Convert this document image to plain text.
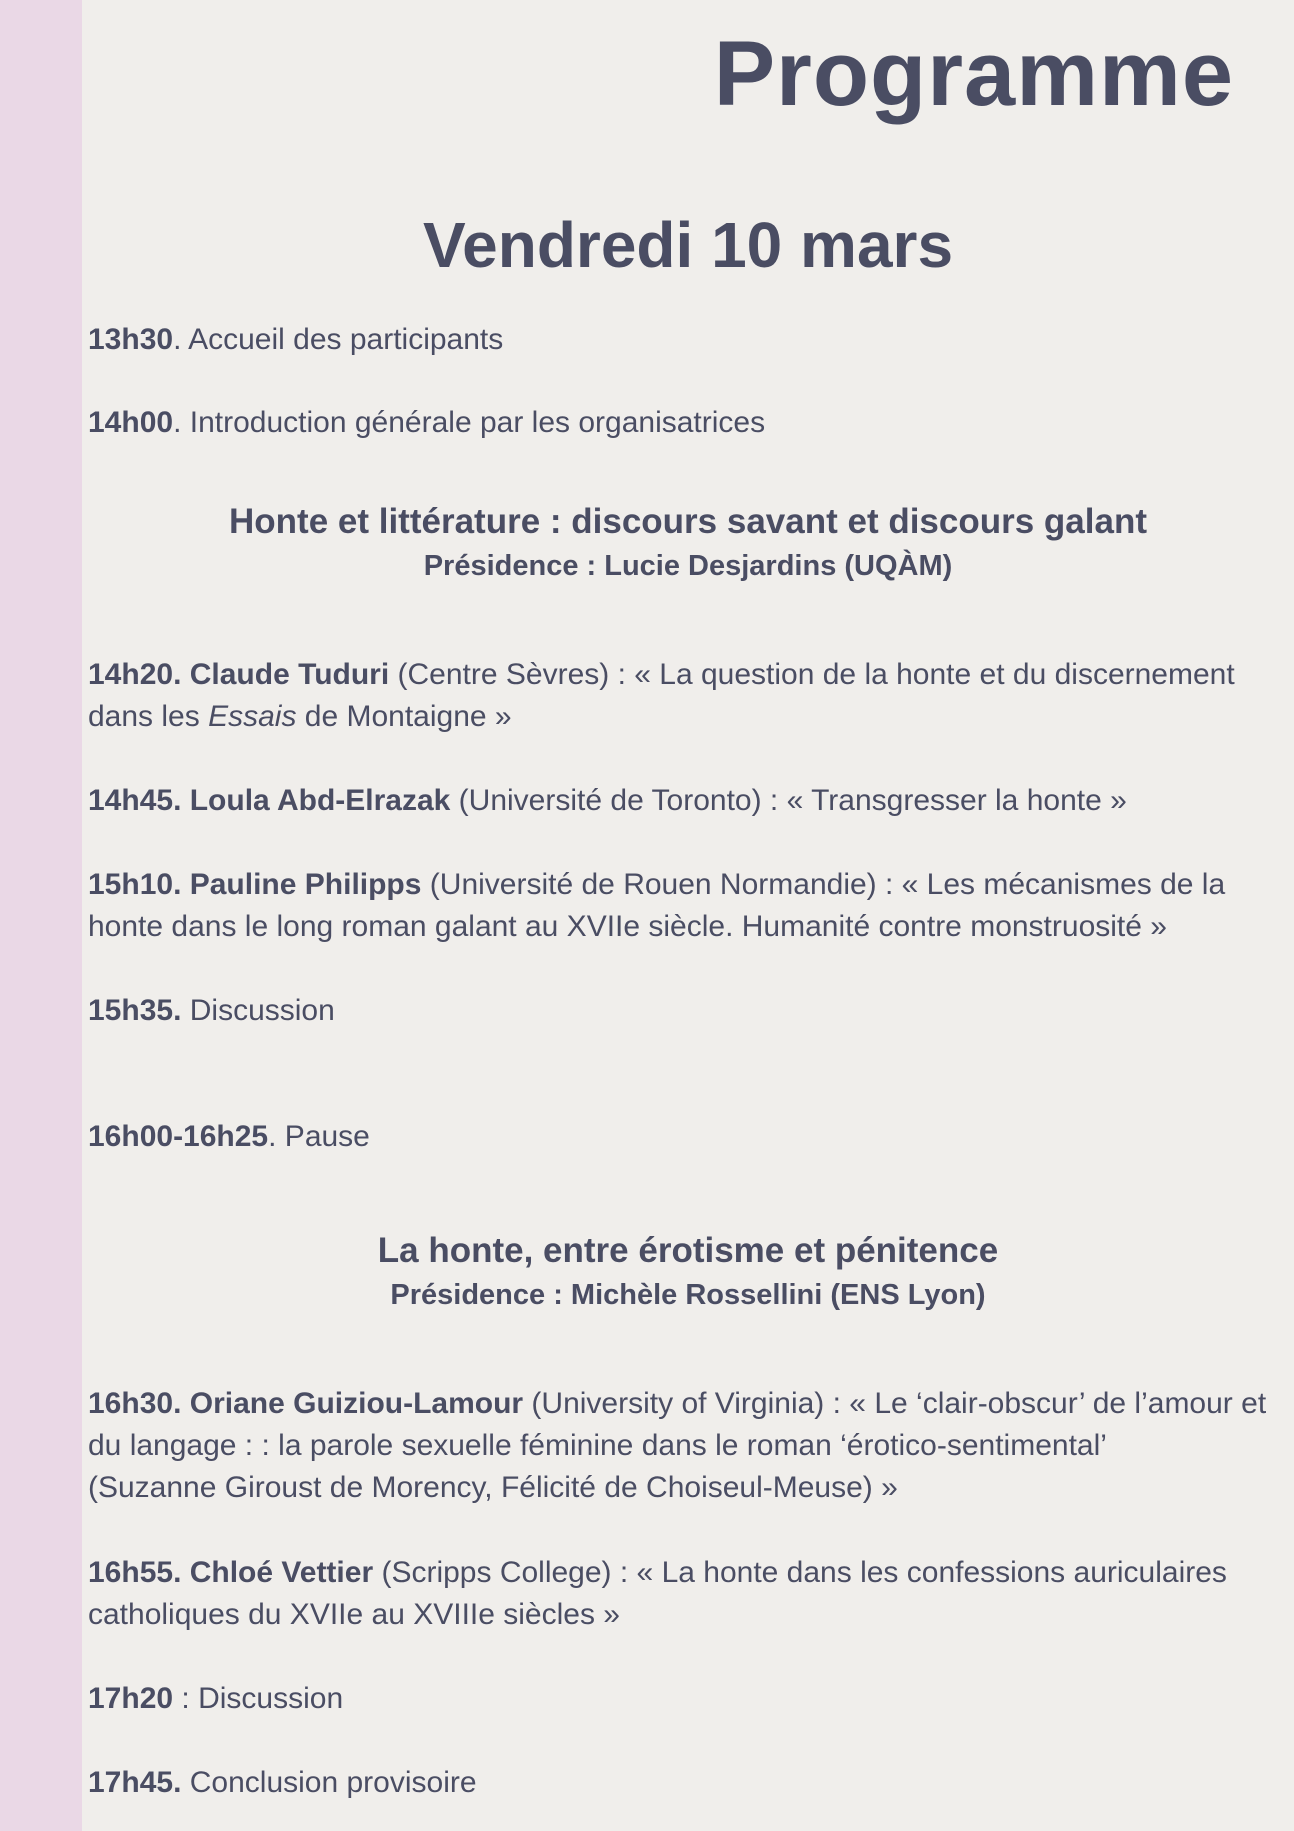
Programme
Vendredi 10 mars
13h30. Accueil des participants
14h00. Introduction générale par les organisatrices
Honte et littérature : discours savant et discours galant

Présidence : Lucie Desjardins (UQÀM)

14h20. Claude Tuduri (Centre Sèvres) : « La question de la honte et du discernement dans les Essais de Montaigne »
14h45. Loula Abd-Elrazak (Université de Toronto) : « Transgresser la honte »
15h10. Pauline Philipps (Université de Rouen Normandie) : « Les mécanismes de la honte dans le long roman galant au XVIIe siècle. Humanité contre monstruosité »
15h35. Discussion
16h00-16h25. Pause
La honte, entre érotisme et pénitence

Présidence : Michèle Rossellini (ENS Lyon)

16h30. Oriane Guiziou-Lamour (University of Virginia) : « Le ‘clair-obscur’ de l’amour et
du langage : : la parole sexuelle féminine dans le roman ‘érotico-sentimental’
(Suzanne Giroust de Morency, Félicité de Choiseul-Meuse) »
16h55. Chloé Vettier (Scripps College) : « La honte dans les confessions auriculaires catholiques du XVIIe au XVIIIe siècles »
17h20 : Discussion
17h45. Conclusion provisoire
